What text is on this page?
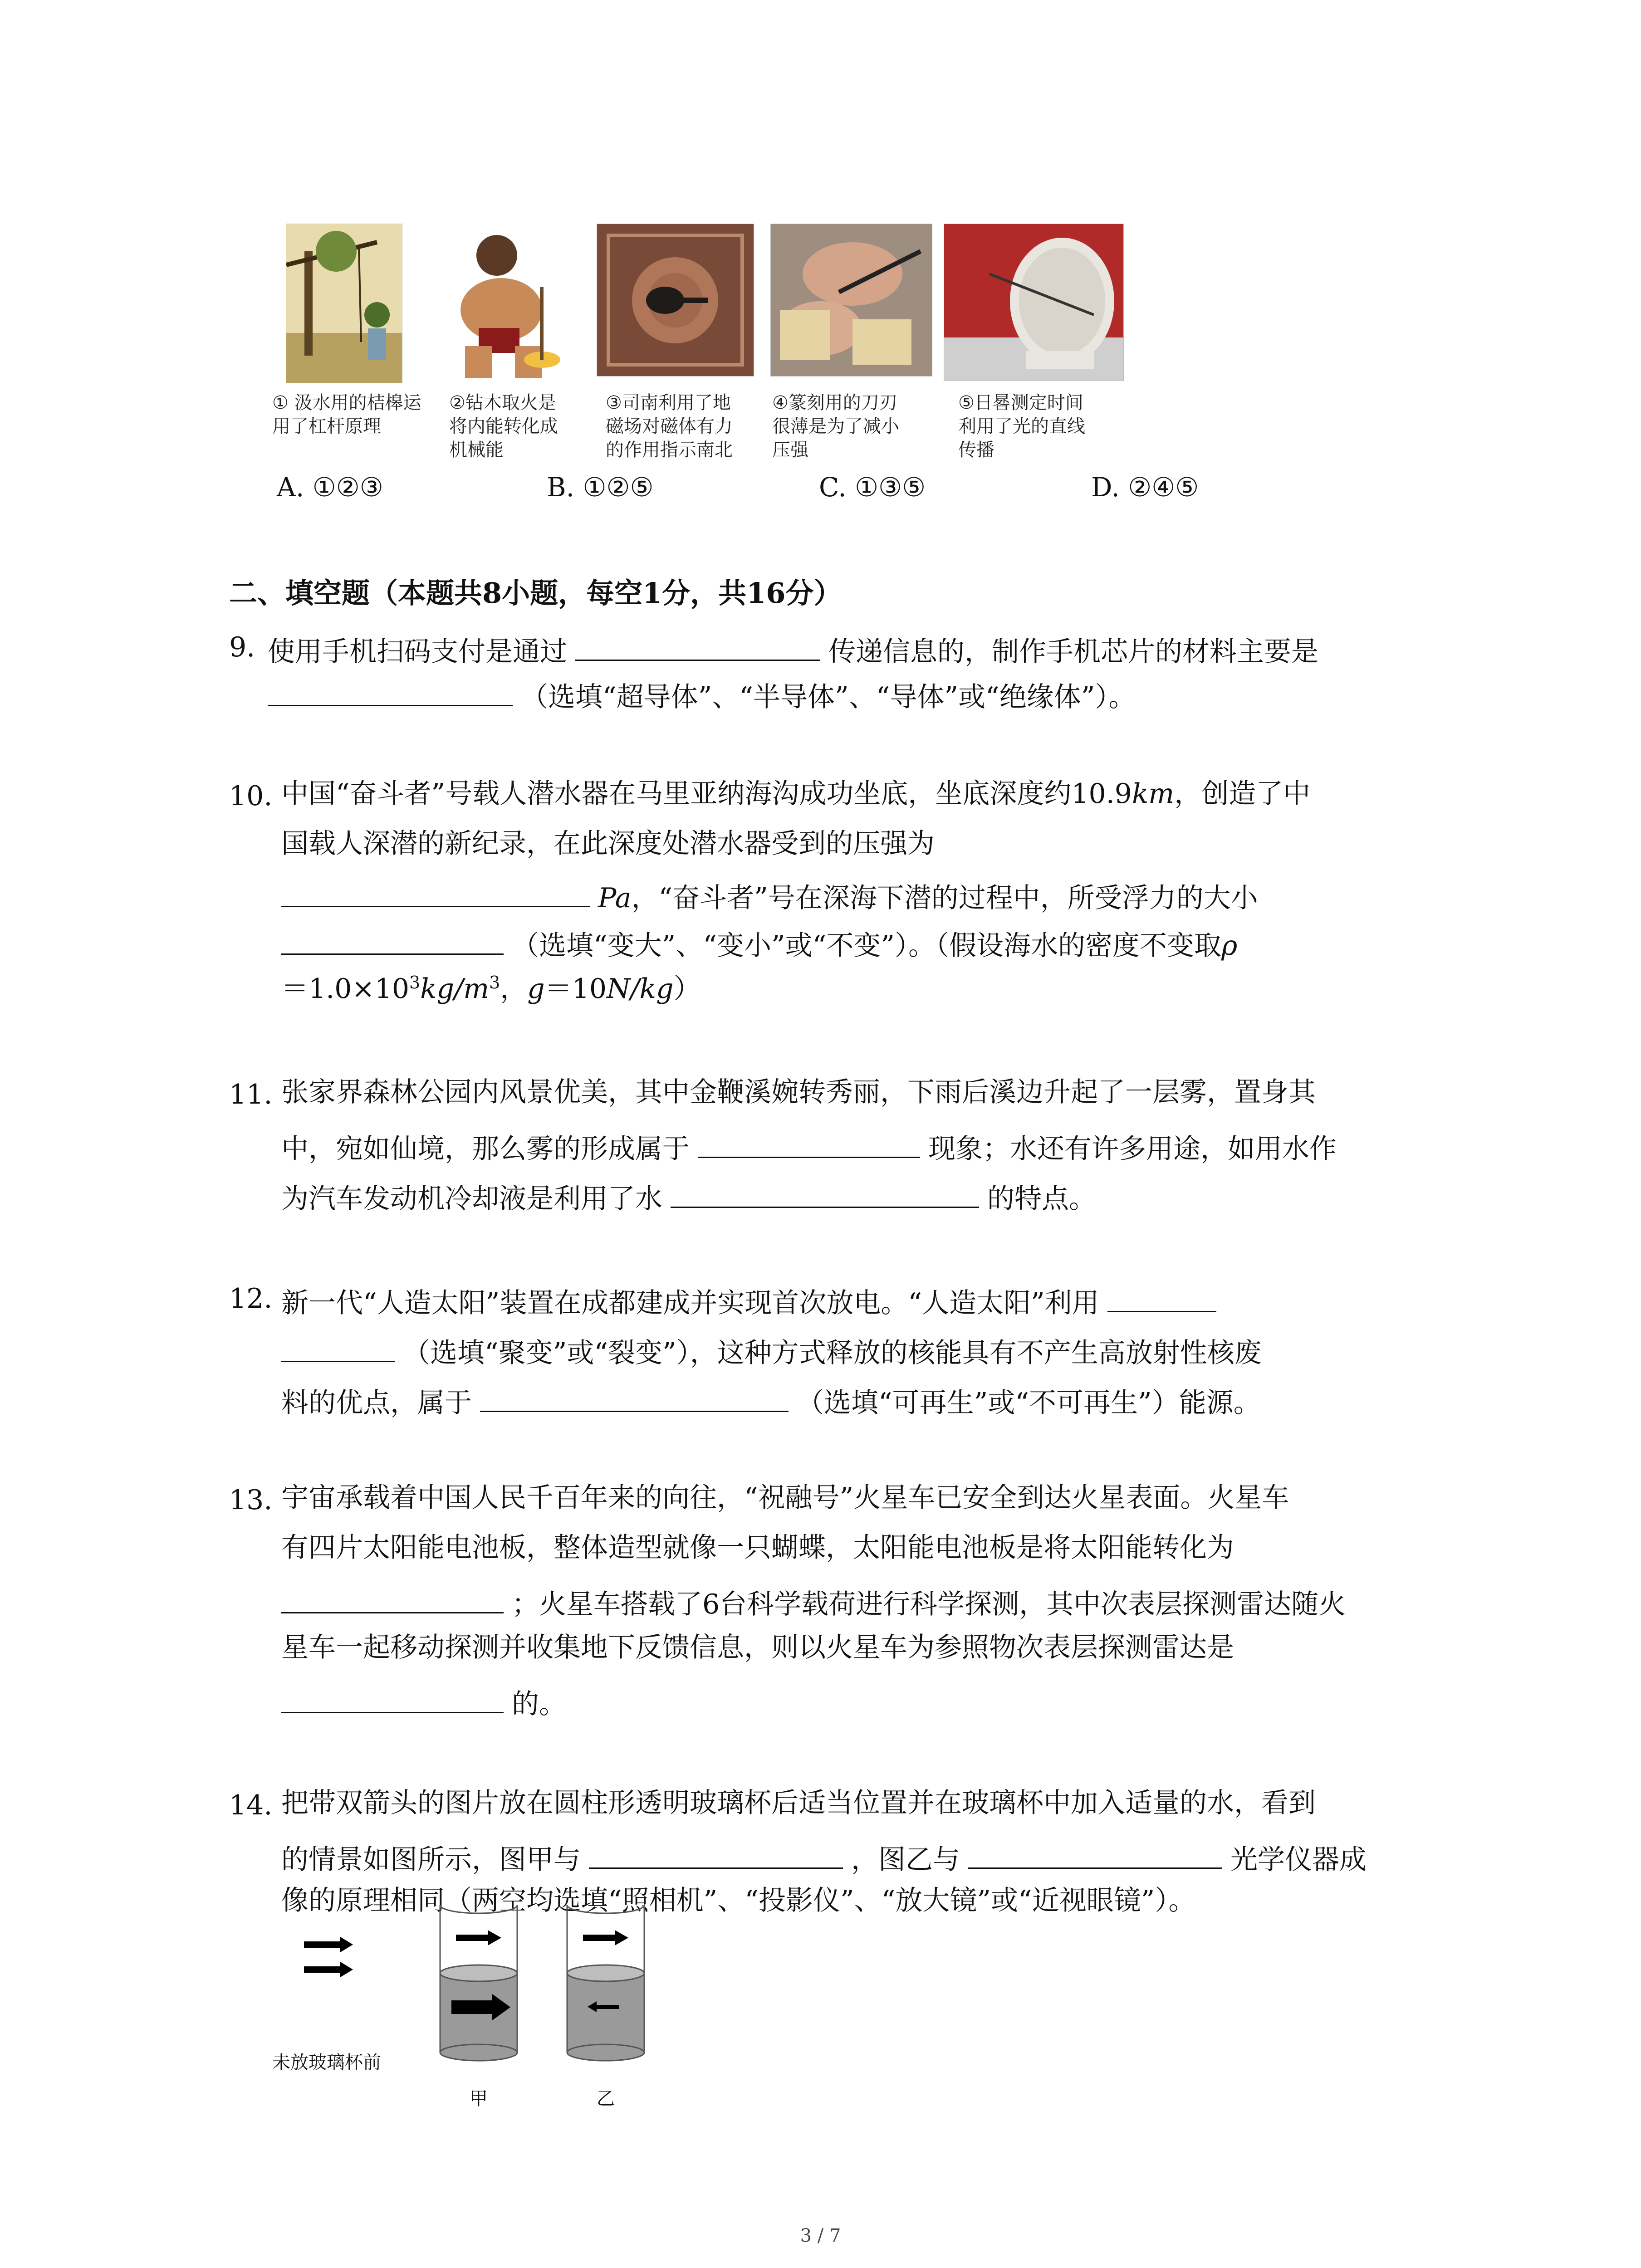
① 汲水用的桔槔运
用了杠杆原理
②钻木取火是
将内能转化成
机械能
③司南利用了地
磁场对磁体有力
的作用指示南北
④篆刻用的刀刃
很薄是为了减小
压强
⑤日晷测定时间
利用了光的直线
传播
A. ①②③	B. ①②⑤	C. ①③⑤	D. ②④⑤
二、填空题（本题共8小题，每空1分，共16分）
9. 使用手机扫码支付是通过	传递信息的，制作手机芯片的材料主要是
（选填“超导体”、“半导体”、“导体”或“绝缘体”）。
10. 中国“奋斗者”号载人潜水器在马里亚纳海沟成功坐底，坐底深度约10.9km，创造了中
国载人深潜的新纪录，在此深度处潜水器受到的压强为
Pa，“奋斗者”号在深海下潜的过程中，所受浮力的大小
（选填“变大”、“变小”或“不变”）。（假设海水的密度不变取ρ
$=1.0\times 10^3kg/m^3$，g＝10N/kg）
11. 张家界森林公园内风景优美，其中金鞭溪婉转秀丽，下雨后溪边升起了一层雾，置身其
中，宛如仙境，那么雾的形成属于	现象；水还有许多用途，如用水作
为汽车发动机冷却液是利用了水	的特点。
12. 新一代“人造太阳”装置在成都建成并实现首次放电。“人造太阳”利用
（选填“聚变”或“裂变”），这种方式释放的核能具有不产生高放射性核废
料的优点，属于	（选填“可再生”或“不可再生”）能源。
13. 宇宙承载着中国人民千百年来的向往，“祝融号”火星车已安全到达火星表面。火星车
有四片太阳能电池板，整体造型就像一只蝴蝶，太阳能电池板是将太阳能转化为
；火星车搭载了6台科学载荷进行科学探测，其中次表层探测雷达随火
星车一起移动探测并收集地下反馈信息，则以火星车为参照物次表层探测雷达是
的。
14. 把带双箭头的图片放在圆柱形透明玻璃杯后适当位置并在玻璃杯中加入适量的水，看到
的情景如图所示，图甲与	，图乙与	光学仪器成
像的原理相同（两空均选填“照相机”、“投影仪”、“放大镜”或“近视眼镜”）。
未放玻璃杯前
甲	乙
3 / 7
